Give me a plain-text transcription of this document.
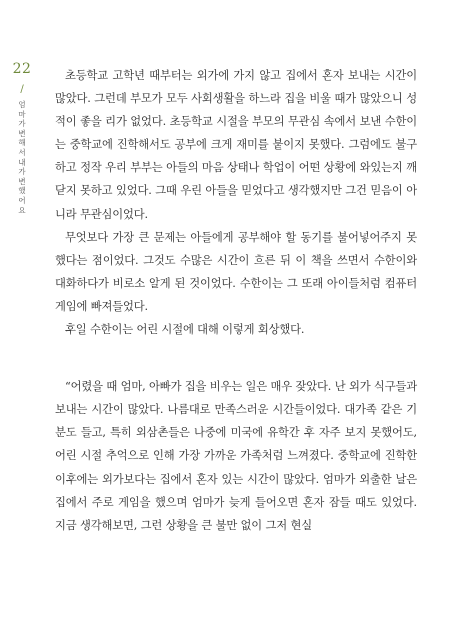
22
/
엄마가 변해서 내가 변했어요

초등학교 고학년 때부터는 외가에 가지 않고 집에서 혼자 보내는 시간이 많았다. 그런데 부모가 모두 사회생활을 하느라 집을 비울 때가 많았으니 성적이 좋을 리가 없었다. 초등학교 시절을 부모의 무관심 속에서 보낸 수한이는 중학교에 진학해서도 공부에 크게 재미를 붙이지 못했다. 그럼에도 불구하고 정작 우리 부부는 아들의 마음 상태나 학업이 어떤 상황에 와있는지 깨닫지 못하고 있었다. 그때 우린 아들을 믿었다고 생각했지만 그건 믿음이 아니라 무관심이었다.

무엇보다 가장 큰 문제는 아들에게 공부해야 할 동기를 불어넣어주지 못했다는 점이었다. 그것도 수많은 시간이 흐른 뒤 이 책을 쓰면서 수한이와 대화하다가 비로소 알게 된 것이었다. 수한이는 그 또래 아이들처럼 컴퓨터 게임에 빠져들었다.

후일 수한이는 어린 시절에 대해 이렇게 회상했다.

“어렸을 때 엄마, 아빠가 집을 비우는 일은 매우 잦았다. 난 외가 식구들과 보내는 시간이 많았다. 나름대로 만족스러운 시간들이었다. 대가족 같은 기분도 들고, 특히 외삼촌들은 나중에 미국에 유학간 후 자주 보지 못했어도, 어린 시절 추억으로 인해 가장 가까운 가족처럼 느껴졌다. 중학교에 진학한 이후에는 외가보다는 집에서 혼자 있는 시간이 많았다. 엄마가 외출한 날은 집에서 주로 게임을 했으며 엄마가 늦게 들어오면 혼자 잠들 때도 있었다. 지금 생각해보면, 그런 상황을 큰 불만 없이 그저 현실
